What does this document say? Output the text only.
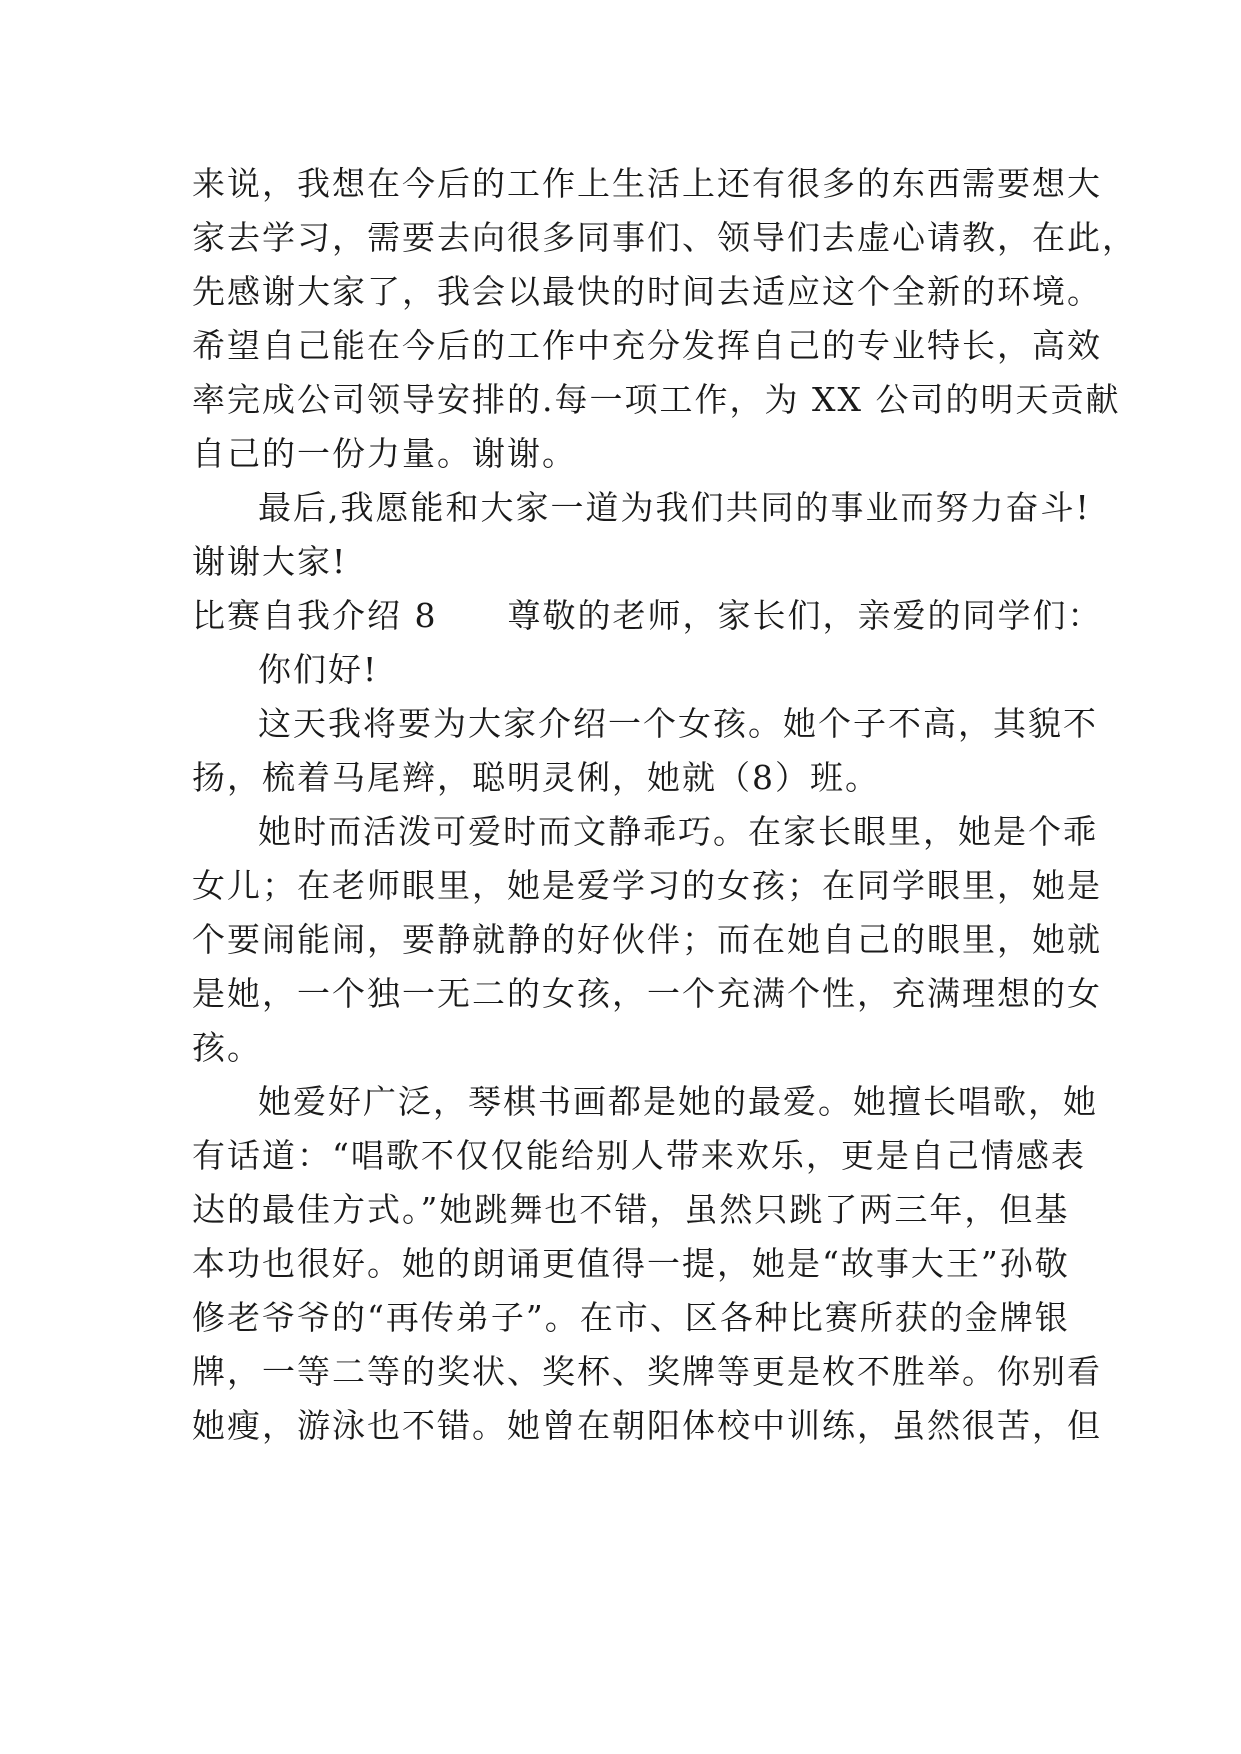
来说，我想在今后的工作上生活上还有很多的东西需要想大
家去学习，需要去向很多同事们、领导们去虚心请教，在此，
先感谢大家了，我会以最快的时间去适应这个全新的环境。
希望自己能在今后的工作中充分发挥自己的专业特长，高效
率完成公司领导安排的.每一项工作，为 XX 公司的明天贡献
自己的一份力量。谢谢。
最后,我愿能和大家一道为我们共同的事业而努力奋斗!
谢谢大家!
比赛自我介绍 8　　尊敬的老师，家长们，亲爱的同学们：
你们好!
这天我将要为大家介绍一个女孩。她个子不高，其貌不
扬，梳着马尾辫，聪明灵俐，她就（8）班。
她时而活泼可爱时而文静乖巧。在家长眼里，她是个乖
女儿；在老师眼里，她是爱学习的女孩；在同学眼里，她是
个要闹能闹，要静就静的好伙伴；而在她自己的眼里，她就
是她，一个独一无二的女孩，一个充满个性，充满理想的女
孩。
她爱好广泛，琴棋书画都是她的最爱。她擅长唱歌，她
有话道：“唱歌不仅仅能给别人带来欢乐，更是自己情感表
达的最佳方式。”她跳舞也不错，虽然只跳了两三年，但基
本功也很好。她的朗诵更值得一提，她是“故事大王”孙敬
修老爷爷的“再传弟子”。在市、区各种比赛所获的金牌银
牌，一等二等的奖状、奖杯、奖牌等更是枚不胜举。你别看
她瘦，游泳也不错。她曾在朝阳体校中训练，虽然很苦，但
